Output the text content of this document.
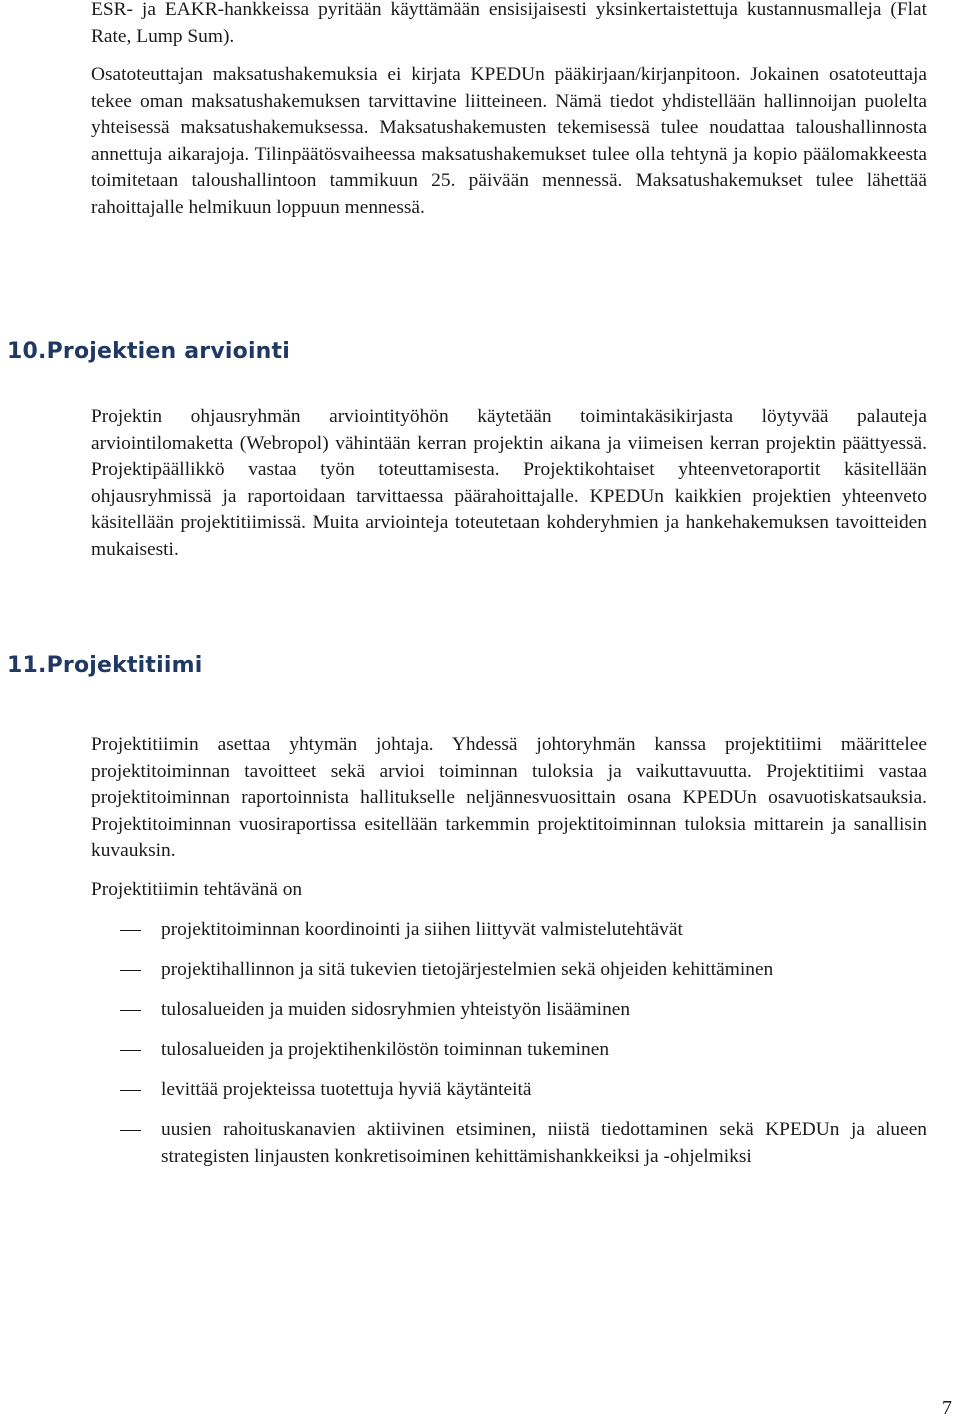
ESR- ja EAKR-hankkeissa pyritään käyttämään ensisijaisesti yksinkertaistettuja kustannusmalleja (Flat Rate, Lump Sum).

Osatoteuttajan maksatushakemuksia ei kirjata KPEDUn pääkirjaan/kirjanpitoon. Jokainen osatoteuttaja tekee oman maksatushakemuksen tarvittavine liitteineen. Nämä tiedot yhdistellään hallinnoijan puolelta yhteisessä maksatushakemuksessa. Maksatushakemusten tekemisessä tulee noudattaa taloushallinnosta annettuja aikarajoja. Tilinpäätösvaiheessa maksatushakemukset tulee olla tehtynä ja kopio päälomakkeesta toimitetaan taloushallintoon tammikuun 25. päivään mennessä. Maksatushakemukset tulee lähettää rahoittajalle helmikuun loppuun mennessä.

10.Projektien arviointi

Projektin ohjausryhmän arviointityöhön käytetään toimintakäsikirjasta löytyvää palauteja arviointilomaketta (Webropol) vähintään kerran projektin aikana ja viimeisen kerran projektin päättyessä. Projektipäällikkö vastaa työn toteuttamisesta. Projektikohtaiset yhteenvetoraportit käsitellään ohjausryhmissä ja raportoidaan tarvittaessa päärahoittajalle. KPEDUn kaikkien projektien yhteenveto käsitellään projektitiimissä. Muita arviointeja toteutetaan kohderyhmien ja hankehakemuksen tavoitteiden mukaisesti.

11.Projektitiimi

Projektitiimin asettaa yhtymän johtaja. Yhdessä johtoryhmän kanssa projektitiimi määrittelee projektitoiminnan tavoitteet sekä arvioi toiminnan tuloksia ja vaikuttavuutta. Projektitiimi vastaa projektitoiminnan raportoinnista hallitukselle neljännesvuosittain osana KPEDUn osavuotiskatsauksia. Projektitoiminnan vuosiraportissa esitellään tarkemmin projektitoiminnan tuloksia mittarein ja sanallisin kuvauksin.

Projektitiimin tehtävänä on

projektitoiminnan koordinointi ja siihen liittyvät valmistelutehtävät
projektihallinnon ja sitä tukevien tietojärjestelmien sekä ohjeiden kehittäminen
tulosalueiden ja muiden sidosryhmien yhteistyön lisääminen
tulosalueiden ja projektihenkilöstön toiminnan tukeminen
levittää projekteissa tuotettuja hyviä käytänteitä
uusien rahoituskanavien aktiivinen etsiminen, niistä tiedottaminen sekä KPEDUn ja alueen strategisten linjausten konkretisoiminen kehittämishankkeiksi ja -ohjelmiksi
7
